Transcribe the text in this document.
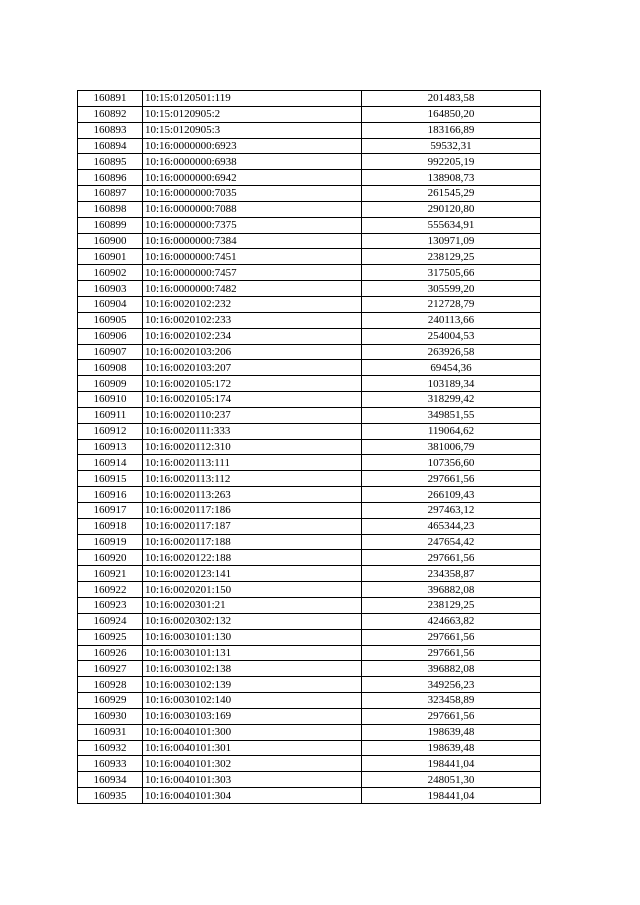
160891	10:15:0120501:119	201483,58
160892	10:15:0120905:2	164850,20
160893	10:15:0120905:3	183166,89
160894	10:16:0000000:6923	59532,31
160895	10:16:0000000:6938	992205,19
160896	10:16:0000000:6942	138908,73
160897	10:16:0000000:7035	261545,29
160898	10:16:0000000:7088	290120,80
160899	10:16:0000000:7375	555634,91
160900	10:16:0000000:7384	130971,09
160901	10:16:0000000:7451	238129,25
160902	10:16:0000000:7457	317505,66
160903	10:16:0000000:7482	305599,20
160904	10:16:0020102:232	212728,79
160905	10:16:0020102:233	240113,66
160906	10:16:0020102:234	254004,53
160907	10:16:0020103:206	263926,58
160908	10:16:0020103:207	69454,36
160909	10:16:0020105:172	103189,34
160910	10:16:0020105:174	318299,42
160911	10:16:0020110:237	349851,55
160912	10:16:0020111:333	119064,62
160913	10:16:0020112:310	381006,79
160914	10:16:0020113:111	107356,60
160915	10:16:0020113:112	297661,56
160916	10:16:0020113:263	266109,43
160917	10:16:0020117:186	297463,12
160918	10:16:0020117:187	465344,23
160919	10:16:0020117:188	247654,42
160920	10:16:0020122:188	297661,56
160921	10:16:0020123:141	234358,87
160922	10:16:0020201:150	396882,08
160923	10:16:0020301:21	238129,25
160924	10:16:0020302:132	424663,82
160925	10:16:0030101:130	297661,56
160926	10:16:0030101:131	297661,56
160927	10:16:0030102:138	396882,08
160928	10:16:0030102:139	349256,23
160929	10:16:0030102:140	323458,89
160930	10:16:0030103:169	297661,56
160931	10:16:0040101:300	198639,48
160932	10:16:0040101:301	198639,48
160933	10:16:0040101:302	198441,04
160934	10:16:0040101:303	248051,30
160935	10:16:0040101:304	198441,04
